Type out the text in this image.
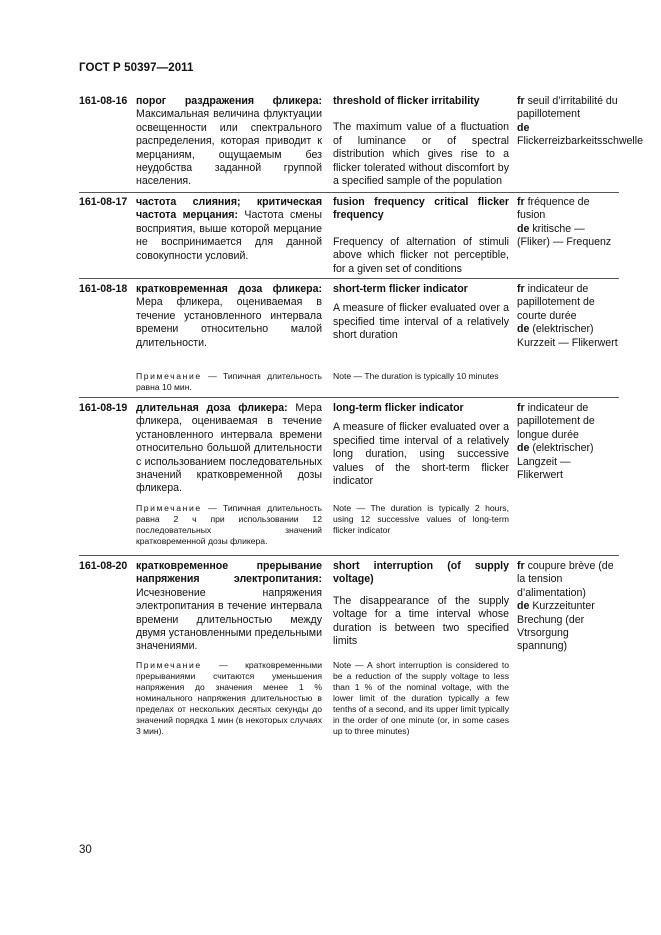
ГОСТ Р 50397—2011
161-08-16 порог раздражения фликера: Максимальная величина флуктуации освещенности или спектрального распределения, которая приводит к мерцаниям, ощущаемым без неудобства заданной группой населения.
threshold of flicker irritability
The maximum value of a fluctuation of luminance or of spectral distribution which gives rise to a flicker tolerated without discomfort by a specified sample of the population
fr seuil d’irritabilité du papillotement
de Flickerreizbarkeitsschwelle
161-08-17 частота слияния; критическая частота мерцания: Частота смены восприятия, выше которой мерцание не воспринимается для данной совокупности условий.
fusion frequency critical flicker frequency
Frequency of alternation of stimuli above which flicker not perceptible, for a given set of conditions
fr fréquence de fusion
de kritische — (Fliker) — Frequenz
161-08-18 кратковременная доза фликера: Мера фликера, оцениваемая в течение установленного интервала времени относительно малой длительности.
short-term flicker indicator
A measure of flicker evaluated over a specified time interval of a relatively short duration
fr indicateur de papillotement de courte durée
de (elektrischer) Kurzzeit — Flikerwert
Примечание — Типичная длительность равна 10 мин.
Note — The duration is typically 10 minutes
161-08-19 длительная доза фликера: Мера фликера, оцениваемая в течение установленного интервала времени относительно большой длительности с использованием последовательных значений кратковременной дозы фликера.
long-term flicker indicator
A measure of flicker evaluated over a specified time interval of a relatively long duration, using successive values of the short-term flicker indicator
fr indicateur de papillotement de longue durée
de (elektrischer) Langzeit — Flikerwert
Примечание — Типичная длительность равна 2 ч при использовании 12 последовательных значений кратковременной дозы фликера.
Note — The duration is typically 2 hours, using 12 successive values of long-term flicker indicator
161-08-20 кратковременное прерывание напряжения электропитания: Исчезновение напряжения электропитания в течение интервала времени длительностью между двумя установленными предельными значениями.
short interruption (of supply voltage)
The disappearance of the supply voltage for a time interval whose duration is between two specified limits
fr coupure brève (de la tension d’alimentation)
de Kurzzeitunter Brechung (der Vtrsorgung spannung)
Примечание — кратковременными прерываниями считаются уменьшения напряжения до значения менее 1 % номинального напряжения длительностью в пределах от нескольких десятых секунды до значений порядка 1 мин (в некоторых случаях 3 мин).
Note — A short interruption is considered to be a reduction of the supply voltage to less than 1 % of the nominal voltage, with the lower limit of the duration typically a few tenths of a second, and its upper limit typically in the order of one minute (or, in some cases up to three minutes)
30
